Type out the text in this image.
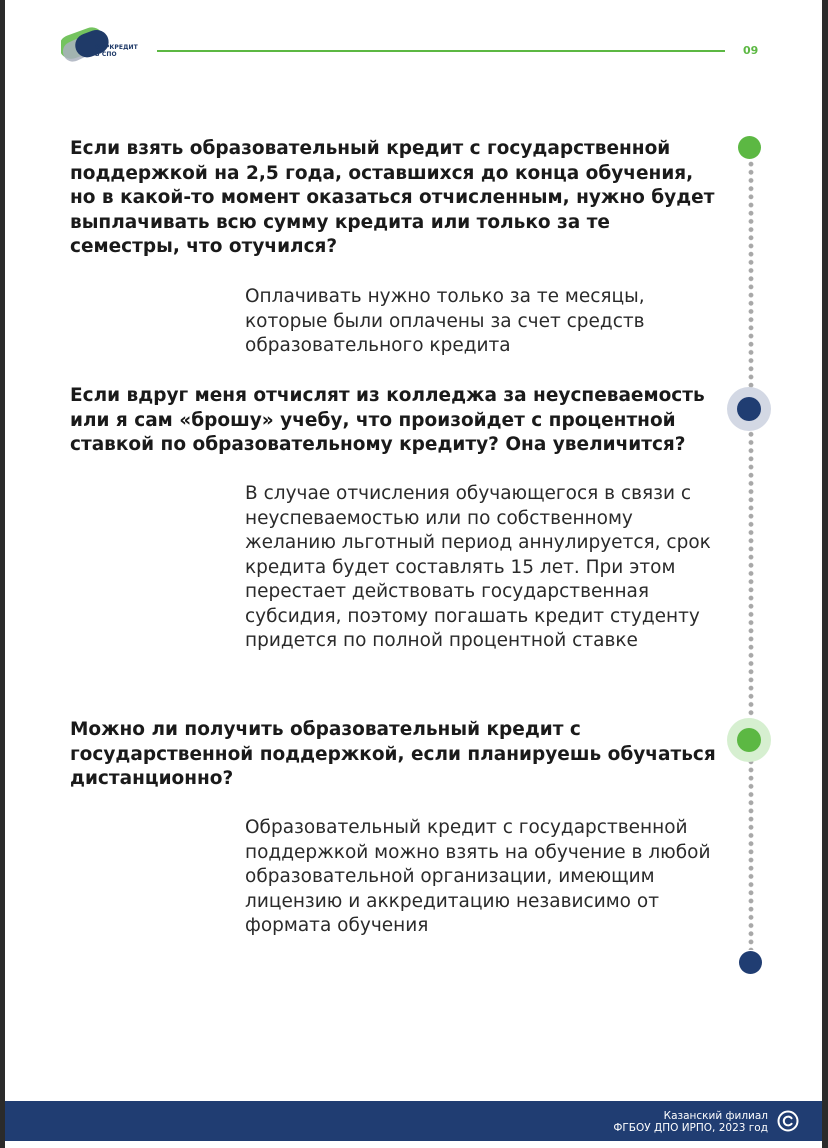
ОБРКРЕДИТ
В СПО	09

Если взять образовательный кредит с государственной поддержкой на 2,5 года, оставшихся до конца обучения, но в какой-то момент оказаться отчисленным, нужно будет выплачивать всю сумму кредита или только за те семестры, что отучился?

Оплачивать нужно только за те месяцы, которые были оплачены за счет средств образовательного кредита

Если вдруг меня отчислят из колледжа за неуспеваемость или я сам «брошу» учебу, что произойдет с процентной ставкой по образовательному кредиту? Она увеличится?

В случае отчисления обучающегося в связи с неуспеваемостью или по собственному желанию льготный период аннулируется, срок кредита будет составлять 15 лет. При этом перестает действовать государственная субсидия, поэтому погашать кредит студенту придется по полной процентной ставке

Можно ли получить образовательный кредит с государственной поддержкой, если планируешь обучаться дистанционно?

Образовательный кредит с государственной поддержкой можно взять на обучение в любой образовательной организации, имеющим лицензию и аккредитацию независимо от формата обучения

Казанский филиал
ФГБОУ ДПО ИРПО, 2023 год
